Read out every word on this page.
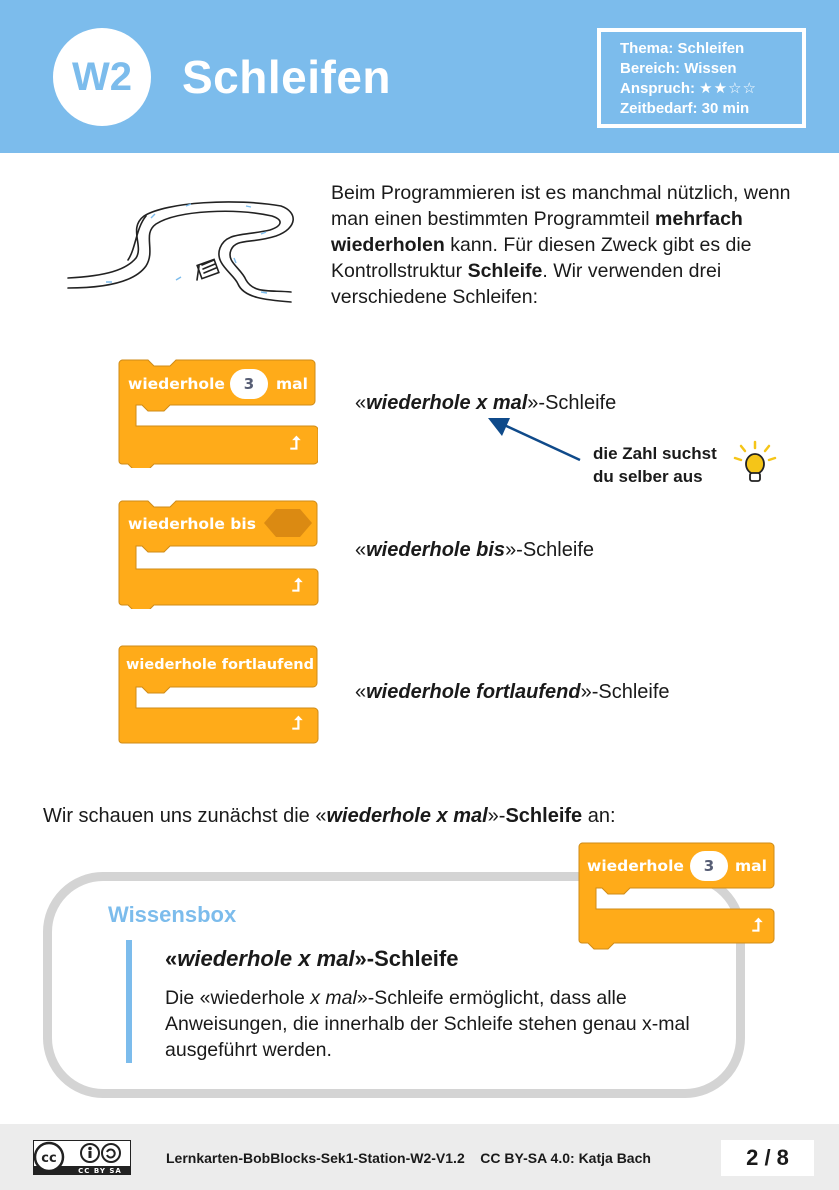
W2	Schleifen
Thema: Schleifen
Bereich: Wissen
Anspruch: ★★☆☆
Zeitbedarf: 30 min
Beim Programmieren ist es manchmal nützlich, wenn man einen bestimmten Programmteil mehrfach wiederholen kann. Für diesen Zweck gibt es die Kontrollstruktur Schleife. Wir verwenden drei verschiedene Schleifen:
wiederhole	3	mal
⮥
«wiederhole x mal»-Schleife
die Zahl suchst
du selber aus
wiederhole bis
⮥
«wiederhole bis»-Schleife
wiederhole fortlaufend
⮥
«wiederhole fortlaufend»-Schleife
Wir schauen uns zunächst die «wiederhole x mal»-Schleife an:
Wissensbox
«wiederhole x mal»-Schleife
Die «wiederhole x mal»-Schleife ermöglicht, dass alle Anweisungen, die innerhalb der Schleife stehen genau x-mal ausgeführt werden.
wiederhole	3	mal
⮥
cc
CC BY SA
Lernkarten-BobBlocks-Sek1-Station-W2-V1.2    CC BY-SA 4.0: Katja Bach	2 / 8
